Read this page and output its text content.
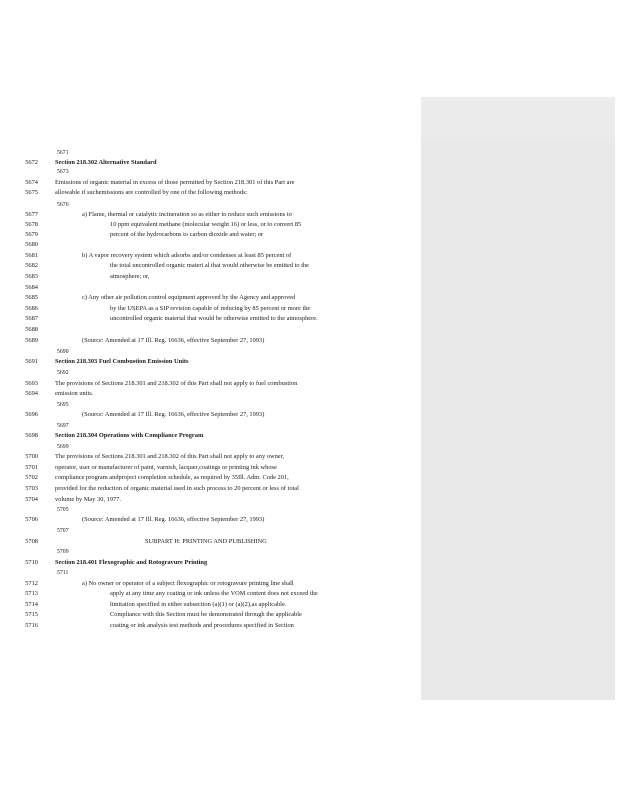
5671
5672	Section 218.302 Alternative Standard
5673
5674	Emissions of organic material in excess of those permitted by Section 218.301 of this Part are
5675	allowable if suchemissions are controlled by one of the following methods:
5676
5677	a) Flame, thermal or catalytic incineration so as either to reduce such emissions to
5678	10 ppm equivalent methane (molecular weight 16) or less, or to convert 85
5679	percent of the hydrocarbons to carbon dioxide and water; or
5680
5681	b) A vapor recovery system which adsorbs and/or condenses at least 85 percent of
5682	the total uncontrolled organic materi al that would otherwise be emitted to the
5683	atmosphere; or,
5684
5685	c) Any other air pollution control equipment approved by the Agency and approved
5686	by the USEPA as a SIP revision capable of reducing by 85 percent or more the
5687	uncontrolled organic material that would be otherwise emitted to the atmosphere.
5688
5689	(Source: Amended at 17 Ill. Reg. 16636, effective September 27, 1993)
5690
5691	Section 218.303 Fuel Combustion Emission Units
5692
5693	The provisions of Sections 218.301 and 218.302 of this Part shall not apply to fuel combustion
5694	emission units.
5695
5696	(Source: Amended at 17 Ill. Reg. 16636, effective September 27, 1993)
5697
5698	Section 218.304 Operations with Compliance Program
5699
5700	The provisions of Sections 218.301 and 218.302 of this Part shall not apply to any owner,
5701	operator, user or manufacturer of paint, varnish, lacquer,coatings or printing ink whose
5702	compliance program andproject completion schedule, as required by 35Ill. Adm. Code 201,
5703	provided for the reduction of organic material used in such process to 20 percent or less of total
5704	volume by May 30, 1977.
5705
5706	(Source: Amended at 17 Ill. Reg. 16636, effective September 27, 1993)
5707
5708	SUBPART H: PRINTING AND PUBLISHING
5709
5710	Section 218.401 Flexographic and Rotogravure Printing
5711
5712	a) No owner or operator of a subject flexographic or rotogravure printing line shall
5713	apply at any time any coating or ink unless the VOM content does not exceed the
5714	limitation specified in either subsection (a)(1) or (a)(2),as applicable.
5715	Compliance with this Section must be demonstrated through the applicable
5716	coating or ink analysis test methods and procedures specified in Section
